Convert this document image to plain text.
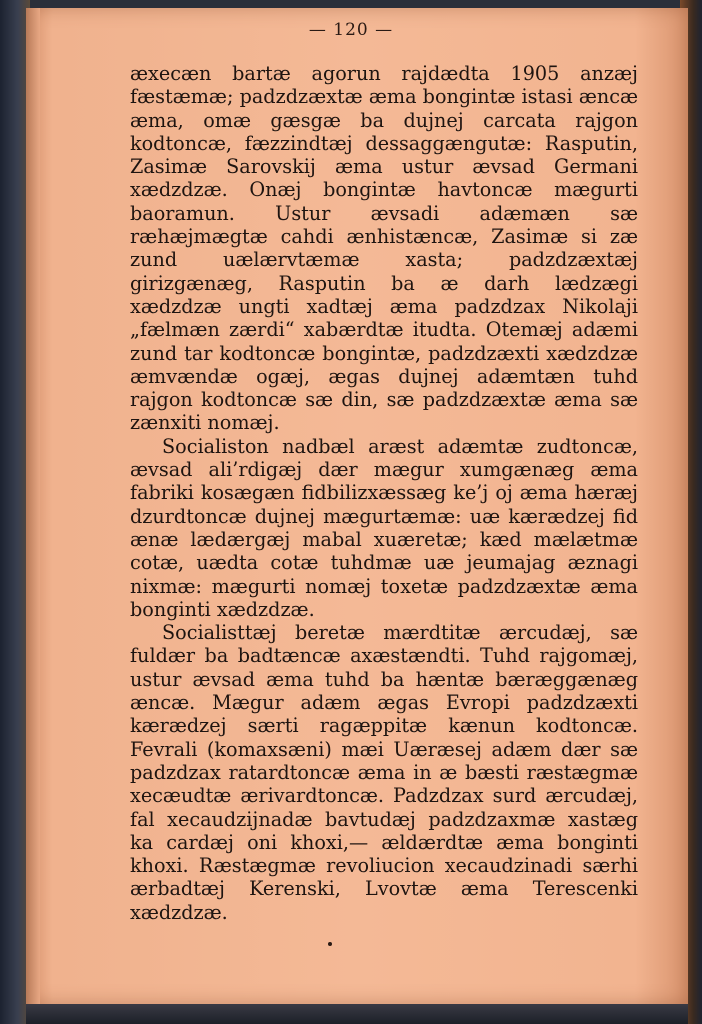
— 120 —

æxecæn bartæ agorun rajdædta 1905 anzæj fæstæmæ; padzdzæxtæ æma bongintæ istasi æncæ æma, omæ gæsgæ ba dujnej carcata rajgon kodtoncæ, fæzzindtæj dessaggængutæ: Rasputin, Zasimæ Sarovskij æma ustur ævsad Germani xædzdzæ. Onæj bongintæ havtoncæ mægurti baoramun. Ustur ævsadi adæmæn sæ ræhæjmægtæ cahdi ænhistæncæ, Zasimæ si zæ zund uælærvtæmæ xasta; padzdzæxtæj girizgænæg, Rasputin ba æ darh lædzægi xædzdzæ ungti xadtæj æma padzdzax Nikolaji „fælmæn zærdi“ xabærdtæ itudta. Otemæj adæmi zund tar kodtoncæ bongintæ, padzdzæxti xædzdzæ æmvændæ ogæj, ægas dujnej adæmtæn tuhd rajgon kodtoncæ sæ din, sæ padzdzæxtæ æma sæ zænxiti nomæj.

Socialiston nadbæl aræst adæmtæ zudtoncæ, ævsad ali’rdigæj dær mægur xumgænæg æma fabriki kosægæn fidbilizxæssæg ke’j oj æma hæræj dzurdtoncæ dujnej mægurtæmæ: uæ kærædzej fid ænæ lædærgæj mabal xuæretæ; kæd mælætmæ cotæ, uædta cotæ tuhdmæ uæ jeumajag æznagi nixmæ: mægurti nomæj toxetæ padzdzæxtæ æma bonginti xædzdzæ.

Socialisttæj beretæ mærdtitæ ærcudæj, sæ fuldær ba badtæncæ axæstændti. Tuhd rajgomæj, ustur ævsad æma tuhd ba hæntæ bæræggænæg æncæ. Mægur adæm ægas Evropi padzdzæxti kærædzej særti ragæppitæ kænun kodtoncæ. Fevrali (komaxsæni) mæi Uæræsej adæm dær sæ padzdzax ratardtoncæ æma in æ bæsti ræstægmæ xecæudtæ ærivardtoncæ. Padzdzax surd ærcudæj, fal xecaudzijnadæ bavtudæj padzdzaxmæ xastæg ka cardæj oni khoxi,— ældærdtæ æma bonginti khoxi. Ræstægmæ revoliucion xecaudzinadi særhi ærbadtæj Kerenski, Lvovtæ æma Terescenki xædzdzæ.
